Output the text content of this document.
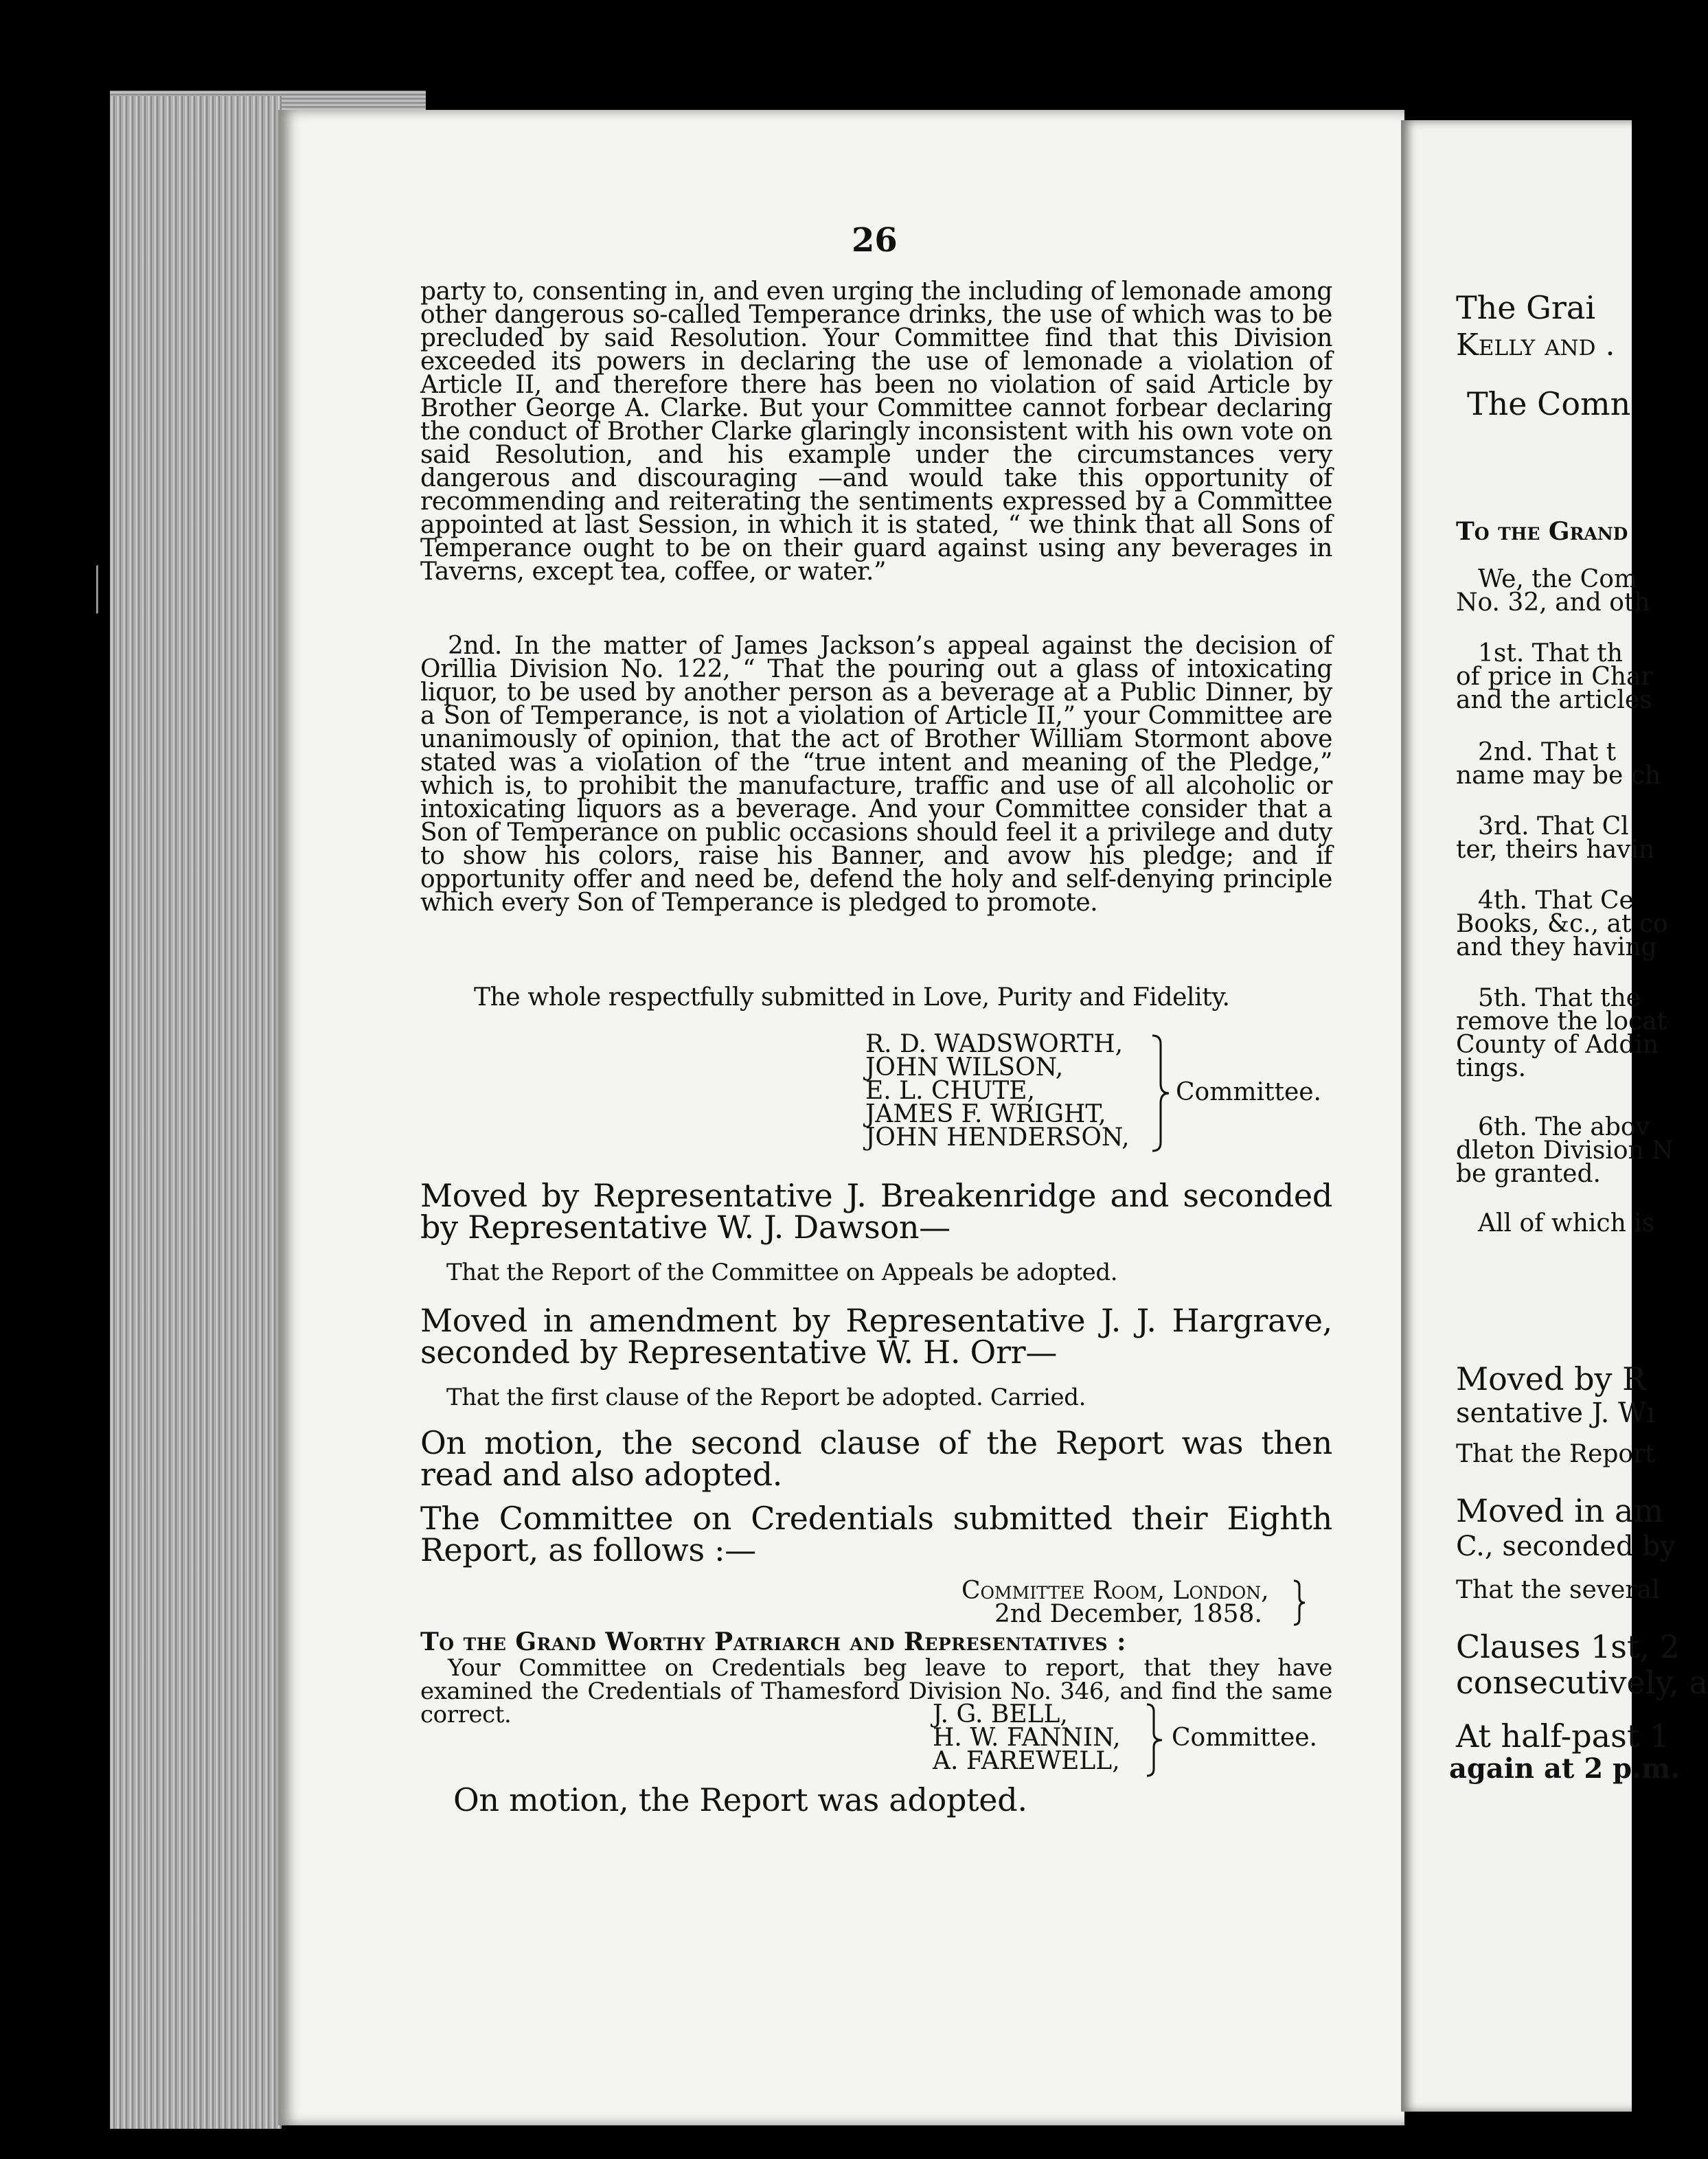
26

party to, consenting in, and even urging the including of lemonade among other dangerous so-called Temperance drinks, the use of which was to be precluded by said Resolution. Your Committee find that this Division exceeded its powers in declaring the use of lemonade a violation of Article II, and therefore there has been no violation of said Article by Brother George A. Clarke. But your Committee cannot forbear declaring the conduct of Brother Clarke glaringly inconsistent with his own vote on said Resolution, and his example under the circumstances very dangerous and discouraging —and would take this opportunity of recommending and reiterating the sentiments expressed by a Committee appointed at last Session, in which it is stated, “ we think that all Sons of Temperance ought to be on their guard against using any beverages in Taverns, except tea, coffee, or water.”

2nd. In the matter of James Jackson’s appeal against the decision of Orillia Division No. 122, “ That the pouring out a glass of intoxicating liquor, to be used by another person as a beverage at a Public Dinner, by a Son of Temperance, is not a violation of Article II,” your Committee are unanimously of opinion, that the act of Brother William Stormont above stated was a violation of the “true intent and meaning of the Pledge,” which is, to prohibit the manufacture, traffic and use of all alcoholic or intoxicating liquors as a beverage. And your Committee consider that a Son of Temperance on public occasions should feel it a privilege and duty to show his colors, raise his Banner, and avow his pledge; and if opportunity offer and need be, defend the holy and self-denying principle which every Son of Temperance is pledged to promote.

The whole respectfully submitted in Love, Purity and Fidelity.

R. D. WADSWORTH,
JOHN WILSON,
E. L. CHUTE,
JAMES F. WRIGHT,
JOHN HENDERSON,
Committee.

Moved by Representative J. Breakenridge and seconded by Representative W. J. Dawson—

That the Report of the Committee on Appeals be adopted.

Moved in amendment by Representative J. J. Hargrave, seconded by Representative W. H. Orr—

That the first clause of the Report be adopted. Carried.

On motion, the second clause of the Report was then read and also adopted.

The Committee on Credentials submitted their Eighth Report, as follows :—

Committee Room, London,
2nd December, 1858.
To the Grand Worthy Patriarch and Representatives :

Your Committee on Credentials beg leave to report, that they have examined the Credentials of Thamesford Division No. 346, and find the same correct.	J. G. BELL,
H. W. FANNIN,
A. FAREWELL,
Committee.

On motion, the Report was adopted.

The Grai
Kelly and .
The Comn
To the Grand
We, the Com
No. 32, and oth
1st. That th
of price in Char
and the articles
2nd. That t
name may be ch
3rd. That Cl
ter, theirs havin
4th. That Ce
Books, &c., at co
and they having
5th. That the
remove the locat
County of Addin
tings.
6th. The abov
dleton Division N
be granted.
All of which is
Moved by R
sentative J. Wı
That the Report
Moved in am
C., seconded by
That the several
Clauses 1st, 2
consecutively, a
At half-past 1
again at 2 p.m.
